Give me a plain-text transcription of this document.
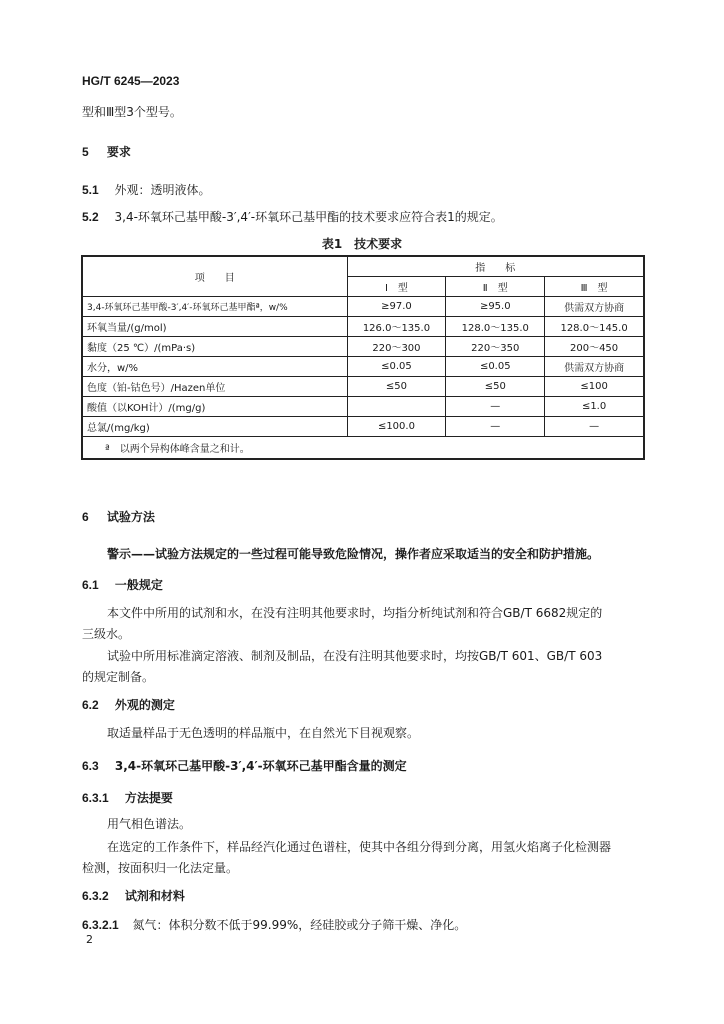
HG/T 6245—2023
型和Ⅲ型3个型号。
5 要求
5.1 外观：透明液体。
5.2 3,4-环氧环己基甲酸-3′,4′-环氧环己基甲酯的技术要求应符合表1的规定。
表1　技术要求
项　　目	指　　标		
	Ⅰ　型	Ⅱ　型	Ⅲ　型
3,4-环氧环己基甲酸-3′,4′-环氧环己基甲酯ª，w/%	≥97.0	≥95.0	供需双方协商
环氧当量/(g/mol)	126.0～135.0	128.0～135.0	128.0～145.0
黏度（25 ℃）/(mPa·s)	220～300	220～350	200～450
水分，w/%	≤0.05	≤0.05	供需双方协商
色度（铂-钴色号）/Hazen单位	≤50	≤50	≤100
酸值（以KOH计）/(mg/g)		—	≤1.0
总氯/(mg/kg)	≤100.0	—	—
ª　以两个异构体峰含量之和计。			
6 试验方法
警示——试验方法规定的一些过程可能导致危险情况，操作者应采取适当的安全和防护措施。
6.1 一般规定
本文件中所用的试剂和水，在没有注明其他要求时，均指分析纯试剂和符合GB/T 6682规定的
三级水。
试验中所用标准滴定溶液、制剂及制品，在没有注明其他要求时，均按GB/T 601、GB/T 603
的规定制备。
6.2 外观的测定
取适量样品于无色透明的样品瓶中，在自然光下目视观察。
6.3 3,4-环氧环己基甲酸-3′,4′-环氧环己基甲酯含量的测定
6.3.1 方法提要
用气相色谱法。
在选定的工作条件下，样品经汽化通过色谱柱，使其中各组分得到分离，用氢火焰离子化检测器
检测，按面积归一化法定量。
6.3.2 试剂和材料
6.3.2.1 氮气：体积分数不低于99.99%，经硅胶或分子筛干燥、净化。
2
